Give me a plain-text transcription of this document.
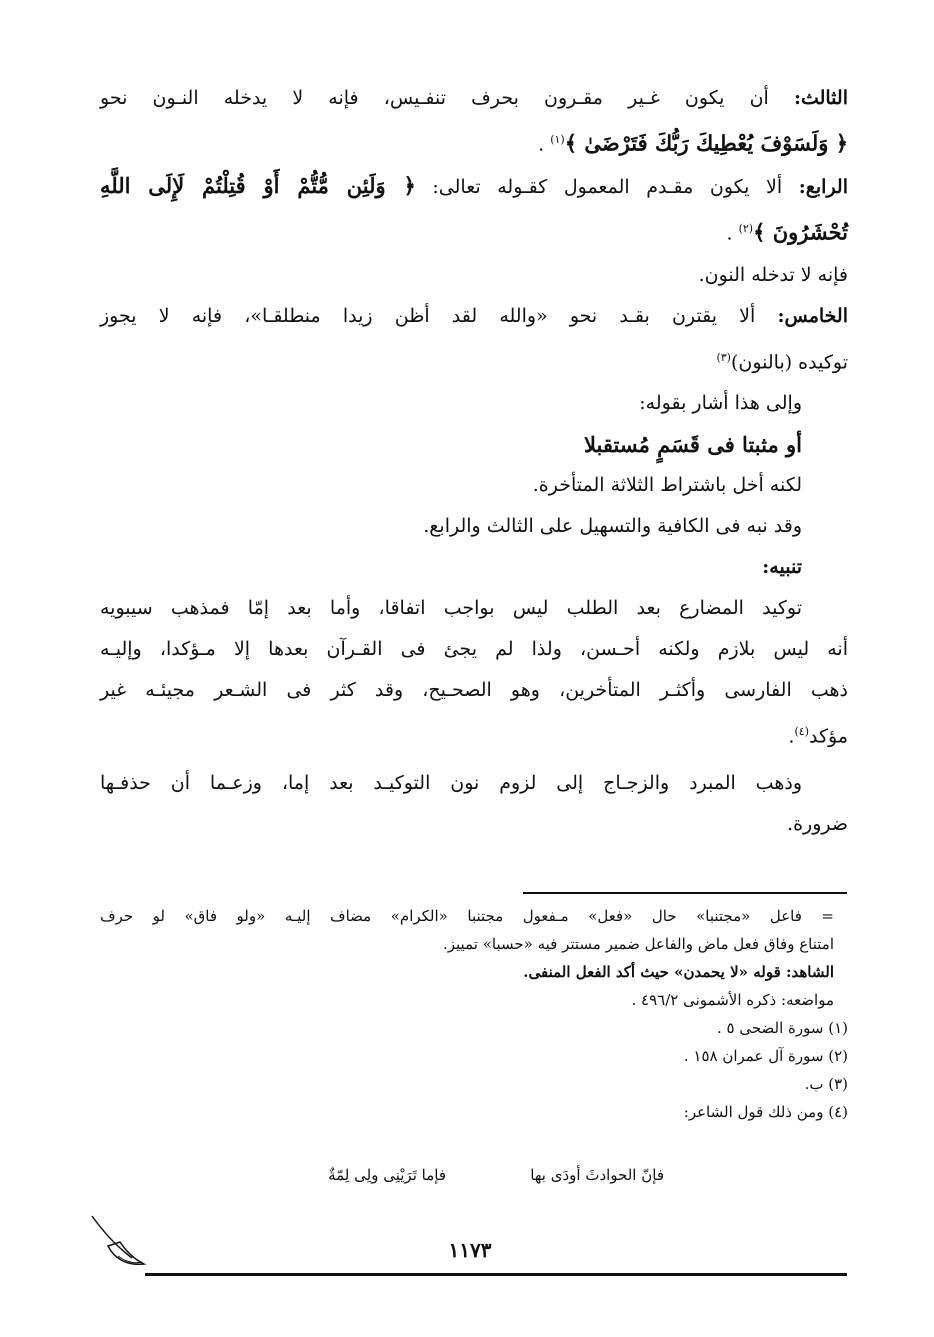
الثالث: أن يكون غـير مقـرون بحرف تنفـيس، فإنه لا يدخله النـون نحو

﴿ وَلَسَوْفَ يُعْطِيكَ رَبُّكَ فَتَرْضَىٰ ﴾$^{(١)}$ .

الرابع: ألا يكون مقـدم المعمول كقـوله تعالى: ﴿ وَلَئِن مُّتُّمْ أَوْ قُتِلْتُمْ لَإِلَى اللَّهِ

تُحْشَرُونَ ﴾$^{(٢)}$ .

فإنه لا تدخله النون.

الخامس: ألا يقترن بقـد نحو «والله لقد أظن زيدا منطلقـا»، فإنه لا يجوز

توكيده (بالنون)$^{(٣)}$

وإلى هذا أشار بقوله:

أو مثبتا فى قَسَمٍ مُستقبلا

لكنه أخل باشتراط الثلاثة المتأخرة.

وقد نبه فى الكافية والتسهيل على الثالث والرابع.

تنبيه:

توكيد المضارع بعد الطلب ليس بواجب اتفاقا، وأما بعد إمّا فمذهب سيبويه

أنه ليس بلازم ولكنه أحـسن، ولذا لم يجئ فى القـرآن بعدها إلا مـؤكدا، وإليـه

ذهب الفارسى وأكثـر المتأخرين، وهو الصحـيح، وقد كثر فى الشـعر مجيئـه غير

مؤكد$^{(٤)}$.

وذهب المبرد والزجـاج إلى لزوم نون التوكيـد بعد إما، وزعـما أن حذفـها

ضرورة.

= فاعل «مجتنبا» حال «فعل» مـفعول مجتنبا «الكرام» مضاف إليـه «ولو فاق» لو حرف
امتناع وفاق فعل ماض والفاعل ضمير مستتر فيه «حسبا» تمييز.
الشاهد: قوله «لا يحمدن» حيث أكد الفعل المنفى.
مواضعه: ذكره الأشمونى ٤٩٦/٢ .
(١) سورة الضحى ٥ .
(٢) سورة آل عمران ١٥٨ .
(٣) ب.
(٤) ومن ذلك قول الشاعر:
فإما تَرَيْنِى ولِى لِمّةٌ	فإنّ الحوادثَ أودَى بها
١١٧٣
